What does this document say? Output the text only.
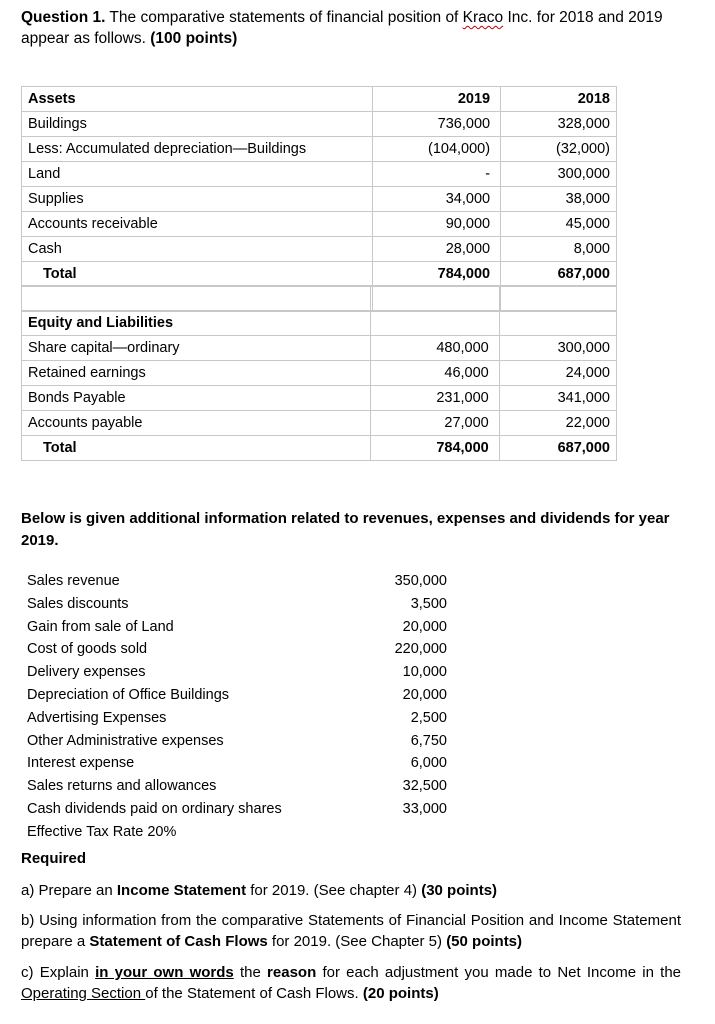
Question 1. The comparative statements of financial position of Kraco Inc. for 2018 and 2019 appear as follows. (100 points)
Assets	2019	2018
Buildings	736,000	328,000
Less: Accumulated depreciation—Buildings	(104,000)	(32,000)
Land	-	300,000
Supplies	34,000	38,000
Accounts receivable	90,000	45,000
Cash	28,000	8,000
Total	784,000	687,000

Equity and Liabilities		
Share capital—ordinary	480,000	300,000
Retained earnings	46,000	24,000
Bonds Payable	231,000	341,000
Accounts payable	27,000	22,000
Total	784,000	687,000
Below is given additional information related to revenues, expenses and dividends for year 2019.
Sales revenue	350,000
Sales discounts	3,500
Gain from sale of Land	20,000
Cost of goods sold	220,000
Delivery expenses	10,000
Depreciation of Office Buildings	20,000
Advertising Expenses	2,500
Other Administrative expenses	6,750
Interest expense	6,000
Sales returns and allowances	32,500
Cash dividends paid on ordinary shares	33,000
Effective Tax Rate 20%
Required
a) Prepare an Income Statement for 2019. (See chapter 4) (30 points)
b) Using information from the comparative Statements of Financial Position and Income Statement prepare a Statement of Cash Flows for 2019. (See Chapter 5) (50 points)
c) Explain in your own words the reason for each adjustment you made to Net Income in the Operating Section of the Statement of Cash Flows. (20 points)
